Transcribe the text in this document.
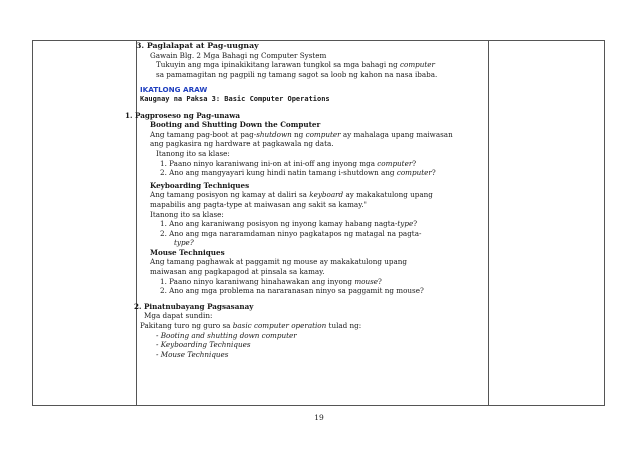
3. Paglalapat at Pag-uugnay

Gawain Blg. 2 Mga Bahagi ng Computer System

Tukuyin ang mga ipinakikitang larawan tungkol sa mga bahagi ng computer

sa pamamagitan ng pagpili ng tamang sagot sa loob ng kahon na nasa ibaba.

IKATLONG ARAW

Kaugnay na Paksa 3: Basic Computer Operations

1. Pagproseso ng Pag-unawa

Booting and Shutting Down the Computer

Ang tamang pag-boot at pag-shutdown ng computer ay mahalaga upang maiwasan

ang pagkasira ng hardware at pagkawala ng data.

Itanong ito sa klase:

1. Paano ninyo karaniwang ini-on at ini-off ang inyong mga computer?

2. Ano ang mangyayari kung hindi natin tamang i-shutdown ang computer?

Keyboarding Techniques

Ang tamang posisyon ng kamay at daliri sa keyboard ay makakatulong upang

mapabilis ang pagta-type at maiwasan ang sakit sa kamay."

Itanong ito sa klase:

1. Ano ang karaniwang posisyon ng inyong kamay habang nagta-type?

2. Ano ang mga nararamdaman ninyo pagkatapos ng matagal na pagta-

type?

Mouse Techniques

Ang tamang paghawak at paggamit ng mouse ay makakatulong upang

maiwasan ang pagkapagod at pinsala sa kamay.

1. Paano ninyo karaniwang hinahawakan ang inyong mouse?

2. Ano ang mga problema na nararanasan ninyo sa paggamit ng mouse?

2. Pinatnubayang Pagsasanay

Mga dapat sundin:

Pakitang turo ng guro sa basic computer operation tulad ng:

- Booting and shutting down computer

- Keyboarding Techniques

- Mouse Techniques

19
